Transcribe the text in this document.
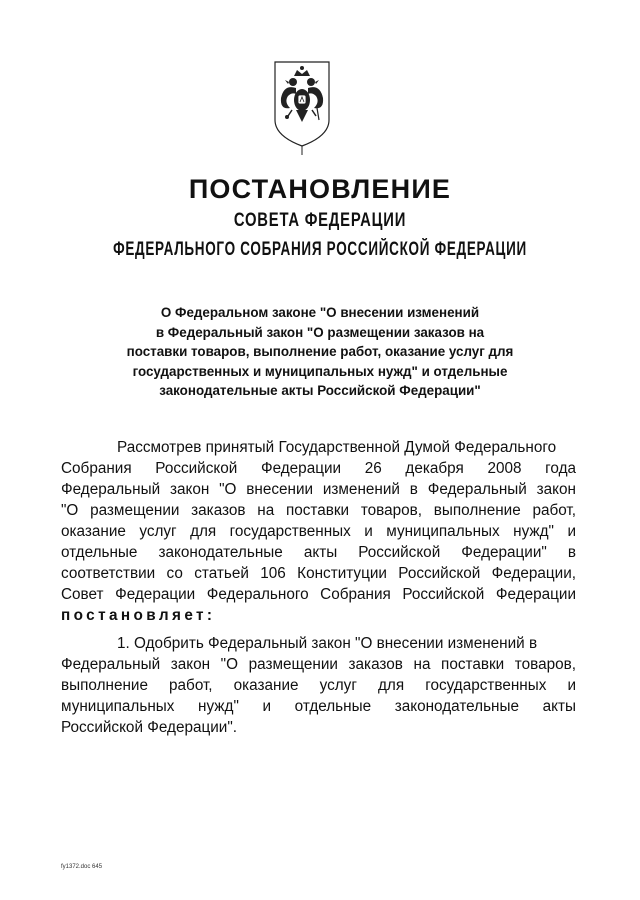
ПОСТАНОВЛЕНИЕ
СОВЕТА ФЕДЕРАЦИИ
ФЕДЕРАЛЬНОГО СОБРАНИЯ РОССИЙСКОЙ ФЕДЕРАЦИИ
О Федеральном законе "О внесении изменений
в Федеральный закон "О размещении заказов на
поставки товаров, выполнение работ, оказание услуг для
государственных и муниципальных нужд" и отдельные
законодательные акты Российской Федерации"
Рассмотрев принятый Государственной Думой Федерального
Собрания Российской Федерации 26 декабря 2008 года
Федеральный закон "О внесении изменений в Федеральный закон
"О размещении заказов на поставки товаров, выполнение работ,
оказание услуг для государственных и муниципальных нужд" и
отдельные законодательные акты Российской Федерации" в
соответствии со статьей 106 Конституции Российской Федерации,
Совет Федерации Федерального Собрания Российской Федерации
постановляет:
1. Одобрить Федеральный закон "О внесении изменений в
Федеральный закон "О размещении заказов на поставки товаров,
выполнение работ, оказание услуг для государственных и
муниципальных нужд" и отдельные законодательные акты
Российской Федерации".
fy1372.doc 645
